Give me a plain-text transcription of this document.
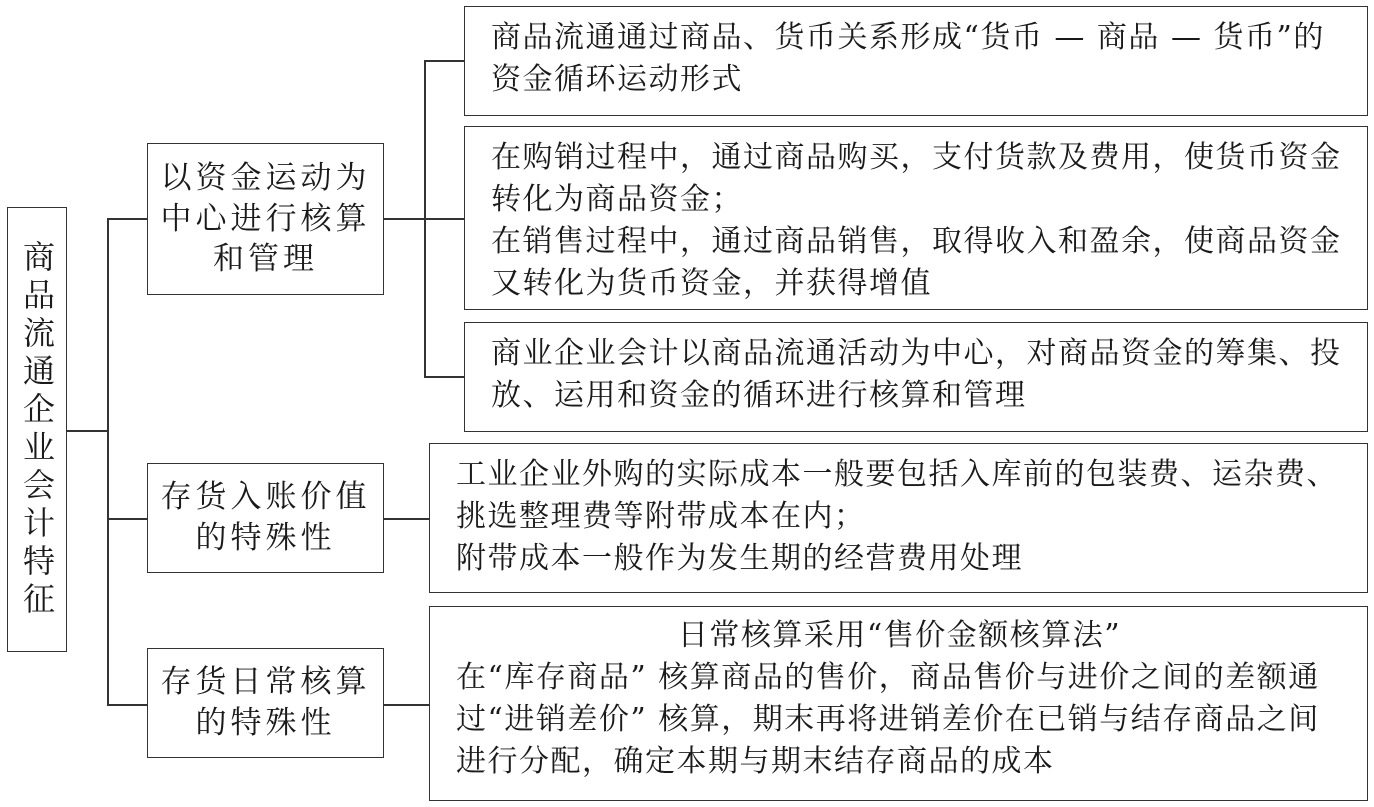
商品流通企业会计特征
以资金运动为中心进行核算和管理
存货入账价值的特殊性
存货日常核算的特殊性

商品流通通过商品、货币关系形成“货币 — 商品 — 货币”的资金循环运动形式

在购销过程中，通过商品购买，支付货款及费用，使货币资金转化为商品资金；

在销售过程中，通过商品销售，取得收入和盈余，使商品资金又转化为货币资金，并获得增值

商业企业会计以商品流通活动为中心，对商品资金的筹集、投放、运用和资金的循环进行核算和管理

工业企业外购的实际成本一般要包括入库前的包装费、运杂费、挑选整理费等附带成本在内；

附带成本一般作为发生期的经营费用处理

日常核算采用“售价金额核算法”

在“库存商品” 核算商品的售价，商品售价与进价之间的差额通过“进销差价” 核算，期末再将进销差价在已销与结存商品之间进行分配，确定本期与期末结存商品的成本
